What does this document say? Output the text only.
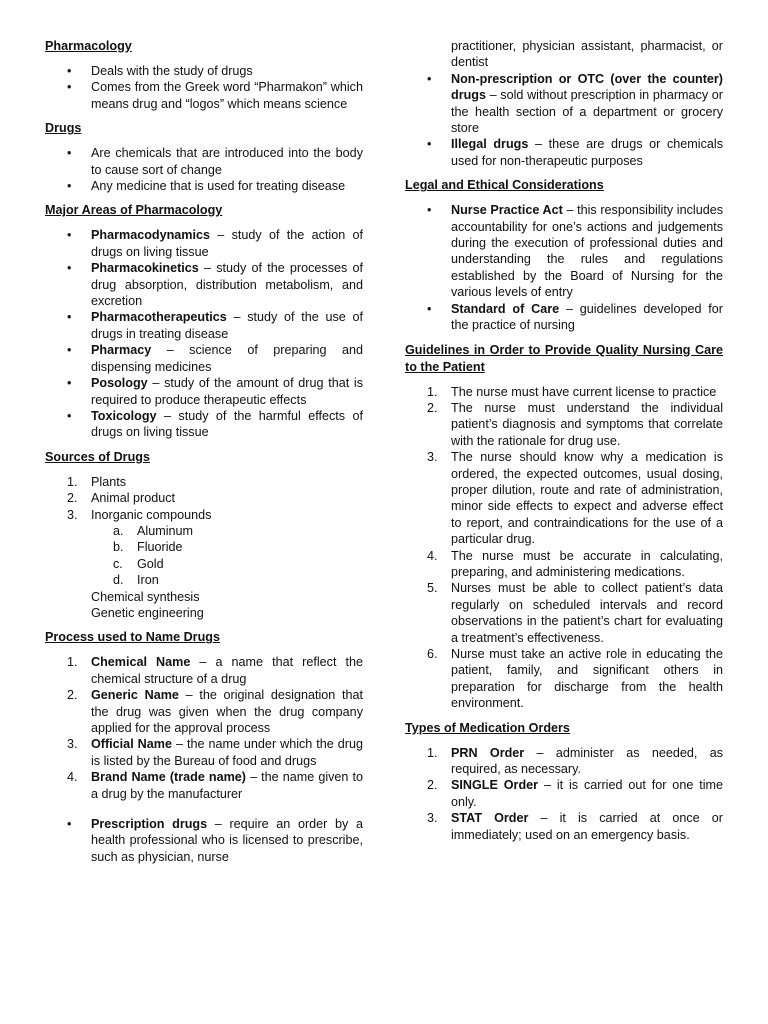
Pharmacology
• Deals with the study of drugs
• Comes from the Greek word “Pharmakon” which means drug and “logos” which means science
Drugs
• Are chemicals that are introduced into the body to cause sort of change
• Any medicine that is used for treating disease
Major Areas of Pharmacology
• Pharmacodynamics – study of the action of drugs on living tissue
• Pharmacokinetics – study of the processes of drug absorption, distribution metabolism, and excretion
• Pharmacotherapeutics – study of the use of drugs in treating disease
• Pharmacy – science of preparing and dispensing medicines
• Posology – study of the amount of drug that is required to produce therapeutic effects
• Toxicology – study of the harmful effects of drugs on living tissue
Sources of Drugs
Plants
Animal product
Inorganic compounds
Aluminum
Fluoride
Gold
Iron
Chemical synthesis
Genetic engineering
Process used to Name Drugs
Chemical Name – a name that reflect the chemical structure of a drug
Generic Name – the original designation that the drug was given when the drug company applied for the approval process
Official Name – the name under which the drug is listed by the Bureau of food and drugs
Brand Name (trade name) – the name given to a drug by the manufacturer
• Prescription drugs – require an order by a health professional who is licensed to prescribe, such as physician, nurse
practitioner, physician assistant, pharmacist, or dentist
• Non-prescription or OTC (over the counter) drugs – sold without prescription in pharmacy or the health section of a department or grocery store
• Illegal drugs – these are drugs or chemicals used for non-therapeutic purposes
Legal and Ethical Considerations
• Nurse Practice Act – this responsibility includes accountability for one’s actions and judgements during the execution of professional duties and understanding the rules and regulations established by the Board of Nursing for the various levels of entry
• Standard of Care – guidelines developed for the practice of nursing
Guidelines in Order to Provide Quality Nursing Care to the Patient
The nurse must have current license to practice
The nurse must understand the individual patient’s diagnosis and symptoms that correlate with the rationale for drug use.
The nurse should know why a medication is ordered, the expected outcomes, usual dosing, proper dilution, route and rate of administration, minor side effects to expect and adverse effect to report, and contraindications for the use of a particular drug.
The nurse must be accurate in calculating, preparing, and administering medications.
Nurses must be able to collect patient’s data regularly on scheduled intervals and record observations in the patient’s chart for evaluating a treatment’s effectiveness.
Nurse must take an active role in educating the patient, family, and significant others in preparation for discharge from the health environment.
Types of Medication Orders
PRN Order – administer as needed, as required, as necessary.
SINGLE Order – it is carried out for one time only.
STAT Order – it is carried at once or immediately; used on an emergency basis.
